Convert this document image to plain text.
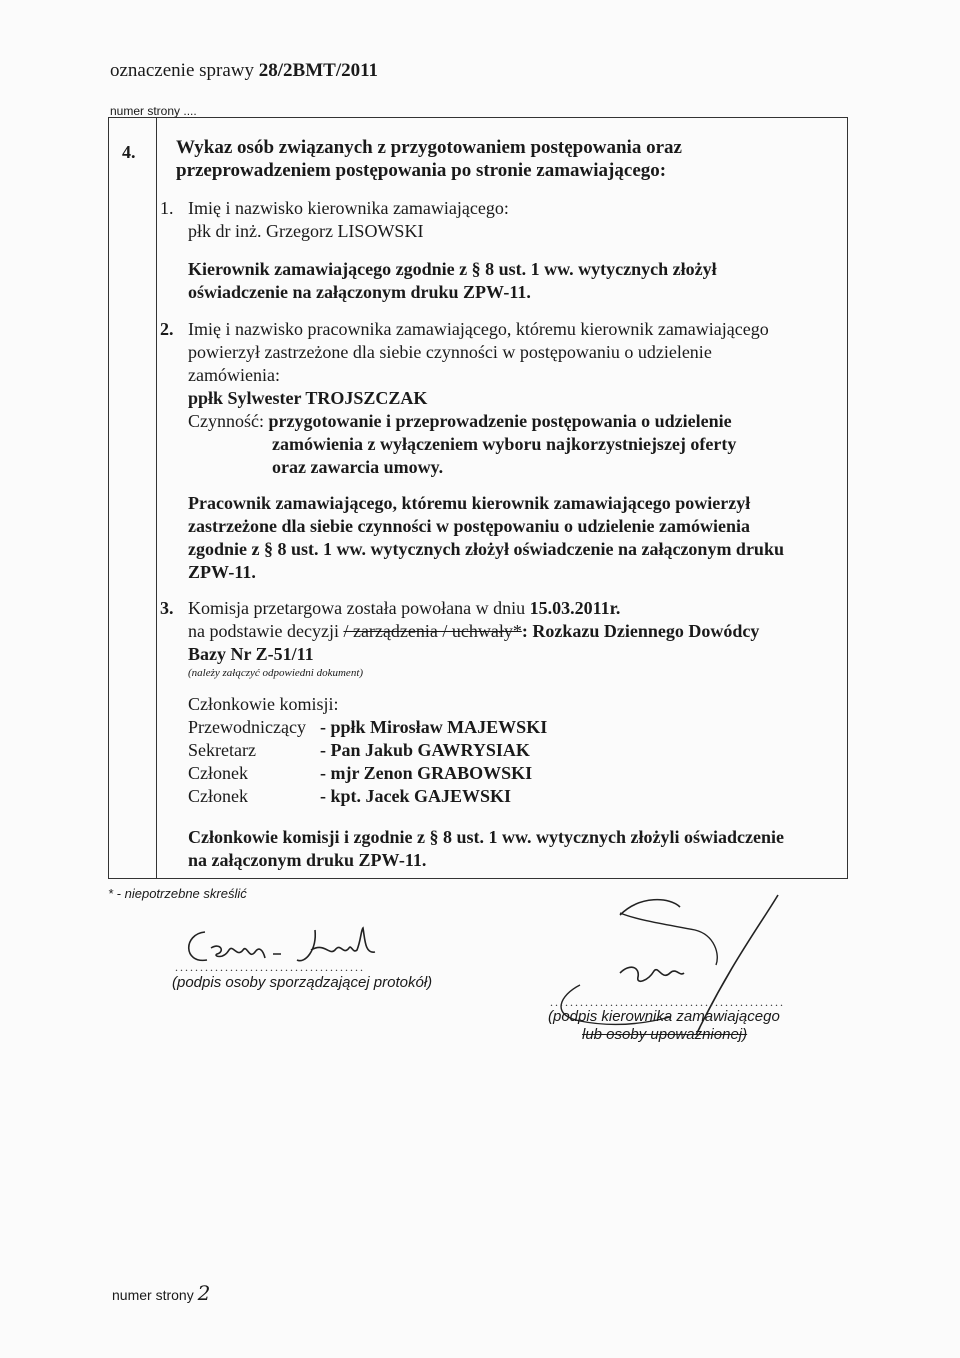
oznaczenie sprawy 28/2BMT/2011
numer strony ....
4. Wykaz osób związanych z przygotowaniem postępowania oraz przeprowadzeniem postępowania po stronie zamawiającego:
1. Imię i nazwisko kierownika zamawiającego:
płk dr inż. Grzegorz LISOWSKI
Kierownik zamawiającego zgodnie z § 8 ust. 1 ww. wytycznych złożył
oświadczenie na załączonym druku ZPW-11.
2. Imię i nazwisko pracownika zamawiającego, któremu kierownik zamawiającego
powierzył zastrzeżone dla siebie czynności w postępowaniu o udzielenie
zamówienia:
ppłk Sylwester TROJSZCZAK
Czynność: przygotowanie i przeprowadzenie postępowania o udzielenie
zamówienia z wyłączeniem wyboru najkorzystniejszej oferty
oraz zawarcia umowy.
Pracownik zamawiającego, któremu kierownik zamawiającego powierzył
zastrzeżone dla siebie czynności w postępowaniu o udzielenie zamówienia
zgodnie z § 8 ust. 1 ww. wytycznych złożył oświadczenie na załączonym druku
ZPW-11.
3. Komisja przetargowa została powołana w dniu 15.03.2011r.
na podstawie decyzji / zarządzenia / uchwały*: Rozkazu Dziennego Dowódcy
Bazy Nr Z-51/11
(należy załączyć odpowiedni dokument)
Członkowie komisji:
Przewodniczący - ppłk Mirosław MAJEWSKI
Sekretarz	- Pan Jakub GAWRYSIAK
Członek	- mjr Zenon GRABOWSKI
Członek	- kpt. Jacek GAJEWSKI
Członkowie komisji i zgodnie z § 8 ust. 1 ww. wytycznych złożyli oświadczenie
na załączonym druku ZPW-11.
* - niepotrzebne skreślić
......................................
(podpis osoby sporządzającej protokół)
...............................................
(podpis kierownika zamawiającego
lub osoby upoważnionej)
numer strony 2
